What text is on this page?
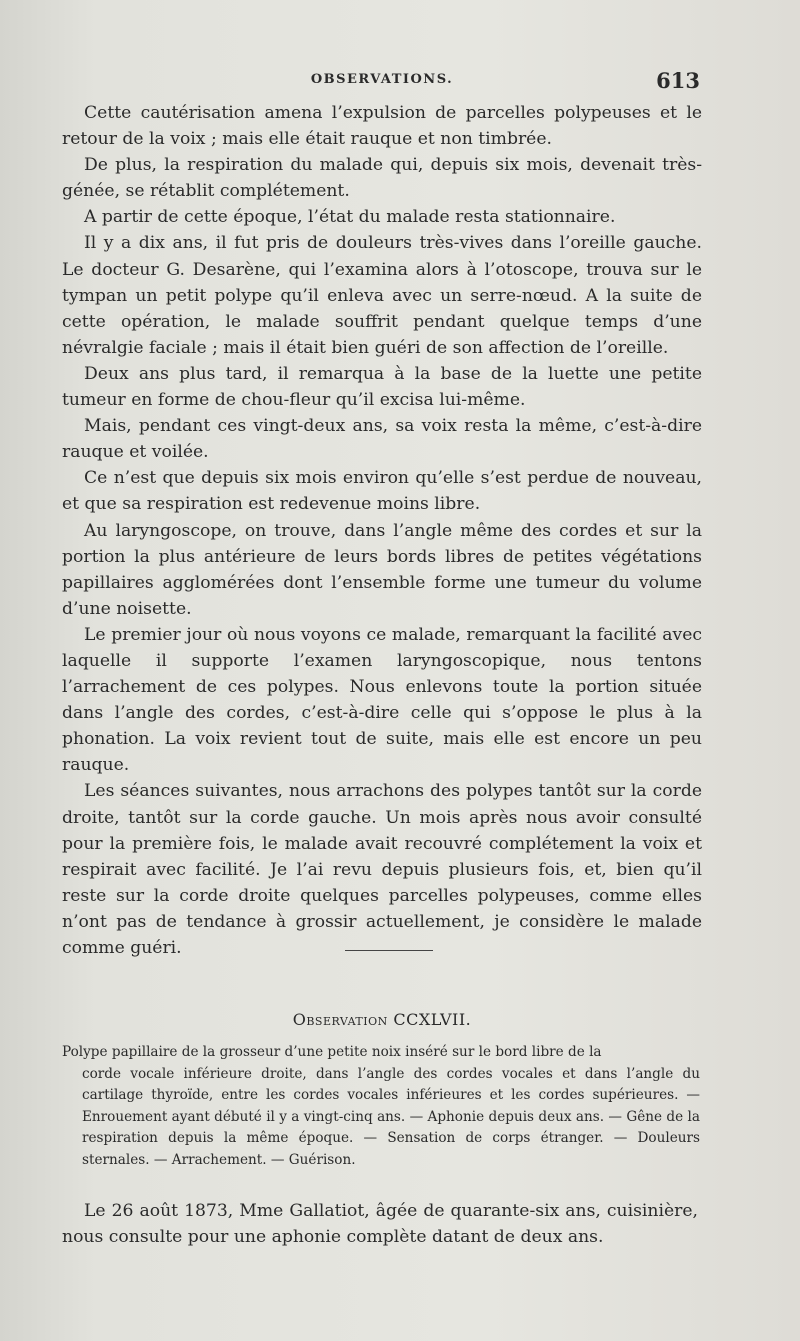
OBSERVATIONS.	613

Cette cautérisation amena l’expulsion de parcelles polypeuses et le retour de la voix ; mais elle était rauque et non timbrée.

De plus, la respiration du malade qui, depuis six mois, devenait très-génée, se rétablit complétement.

A partir de cette époque, l’état du malade resta stationnaire.

Il y a dix ans, il fut pris de douleurs très-vives dans l’oreille gauche. Le docteur G. Desarène, qui l’examina alors à l’otoscope, trouva sur le tympan un petit polype qu’il enleva avec un serre-nœud. A la suite de cette opération, le malade souffrit pendant quelque temps d’une névralgie faciale ; mais il était bien guéri de son affection de l’oreille.

Deux ans plus tard, il remarqua à la base de la luette une petite tumeur en forme de chou-fleur qu’il excisa lui-même.

Mais, pendant ces vingt-deux ans, sa voix resta la même, c’est-à-dire rauque et voilée.

Ce n’est que depuis six mois environ qu’elle s’est perdue de nouveau, et que sa respiration est redevenue moins libre.

Au laryngoscope, on trouve, dans l’angle même des cordes et sur la portion la plus antérieure de leurs bords libres de petites végétations papillaires agglomérées dont l’ensemble forme une tumeur du volume d’une noisette.

Le premier jour où nous voyons ce malade, remarquant la facilité avec laquelle il supporte l’examen laryngoscopique, nous tentons l’arrachement de ces polypes. Nous enlevons toute la portion située dans l’angle des cordes, c’est-à-dire celle qui s’oppose le plus à la phonation. La voix revient tout de suite, mais elle est encore un peu rauque.

Les séances suivantes, nous arrachons des polypes tantôt sur la corde droite, tantôt sur la corde gauche. Un mois après nous avoir consulté pour la première fois, le malade avait recouvré complétement la voix et respirait avec facilité. Je l’ai revu depuis plusieurs fois, et, bien qu’il reste sur la corde droite quelques parcelles polypeuses, comme elles n’ont pas de tendance à grossir actuellement, je considère le malade comme guéri.

Observation CCXLVII.

Polype papillaire de la grosseur d’une petite noix inséré sur le bord libre de la

corde vocale inférieure droite, dans l’angle des cordes vocales et dans l’angle du cartilage thyroïde, entre les cordes vocales inférieures et les cordes supérieures. — Enrouement ayant débuté il y a vingt-cinq ans. — Aphonie depuis deux ans. — Gêne de la respiration depuis la même époque. — Sensation de corps étranger. — Douleurs sternales. — Arrachement. — Guérison.

Le 26 août 1873, Mme Gallatiot, âgée de quarante-six ans, cuisinière, nous consulte pour une aphonie complète datant de deux ans.
